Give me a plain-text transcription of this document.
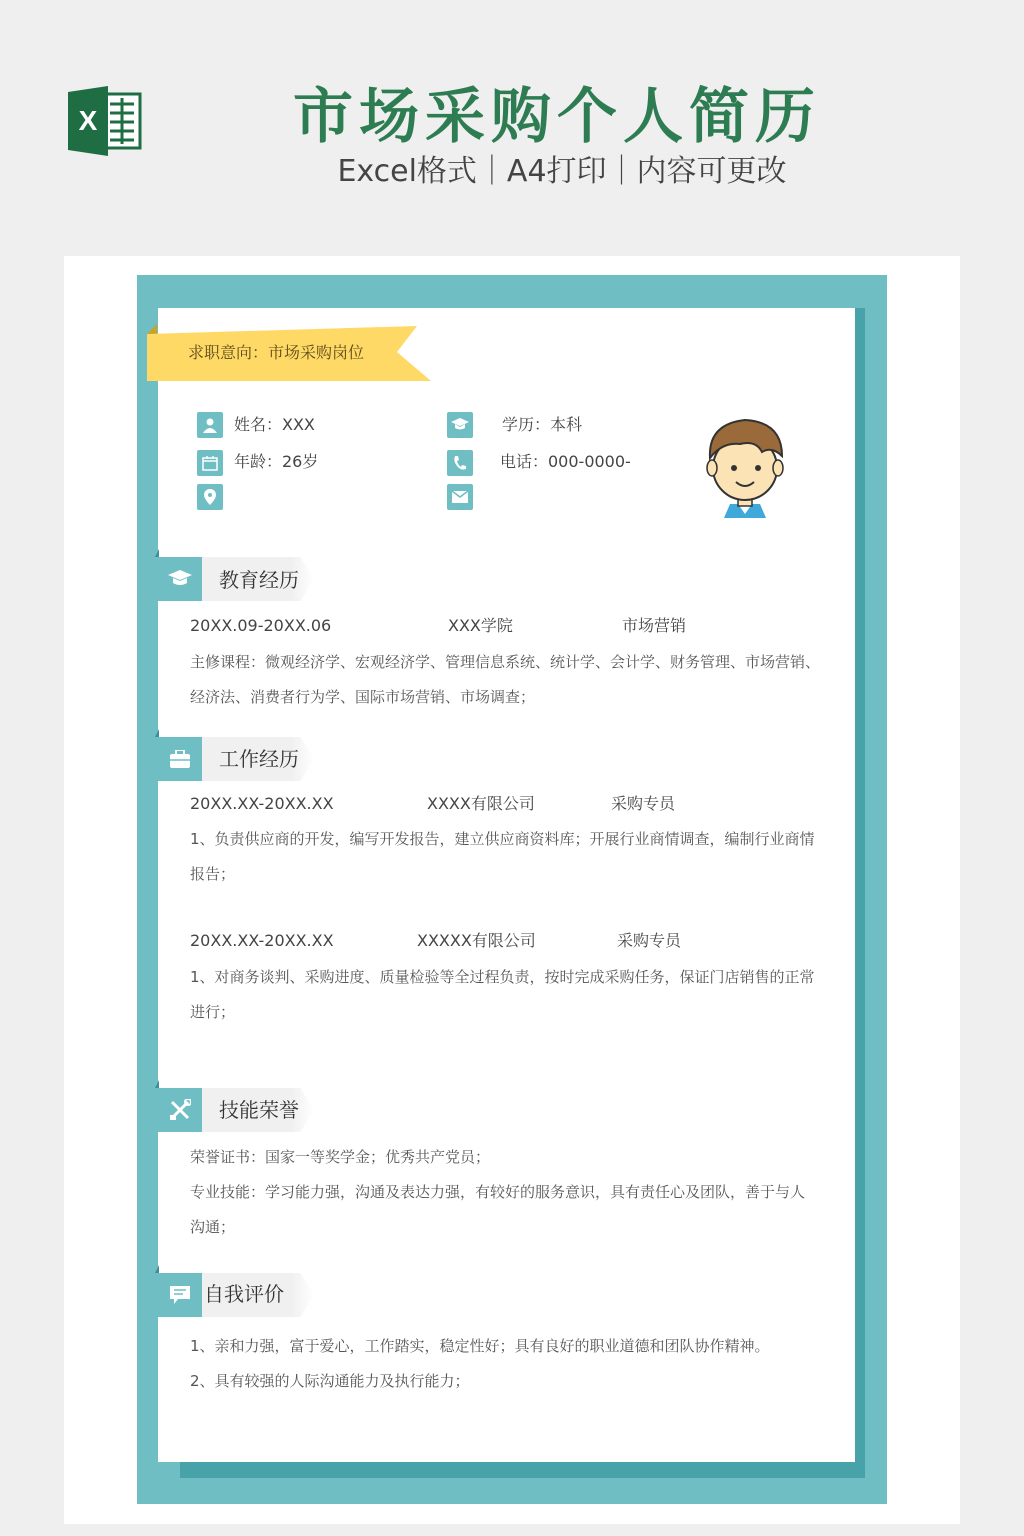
X	市场采购个人简历
Excel格式｜A4打印｜内容可更改
求职意向：市场采购岗位
姓名：XXX
年龄：26岁
学历：本科
电话：000-0000-
教育经历
20XX.09-20XX.06	XXX学院	市场营销
主修课程：微观经济学、宏观经济学、管理信息系统、统计学、会计学、财务管理、市场营销、
经济法、消费者行为学、国际市场营销、市场调查；
工作经历
20XX.XX-20XX.XX	XXXX有限公司	采购专员
1、负责供应商的开发，编写开发报告，建立供应商资料库；开展行业商情调查，编制行业商情
报告；
20XX.XX-20XX.XX	XXXXX有限公司	采购专员
1、对商务谈判、采购进度、质量检验等全过程负责，按时完成采购任务，保证门店销售的正常
进行；
技能荣誉
荣誉证书：国家一等奖学金；优秀共产党员；
专业技能：学习能力强，沟通及表达力强，有较好的服务意识，具有责任心及团队，善于与人
沟通；
自我评价
1、亲和力强，富于爱心，工作踏实，稳定性好；具有良好的职业道德和团队协作精神。
2、具有较强的人际沟通能力及执行能力；
